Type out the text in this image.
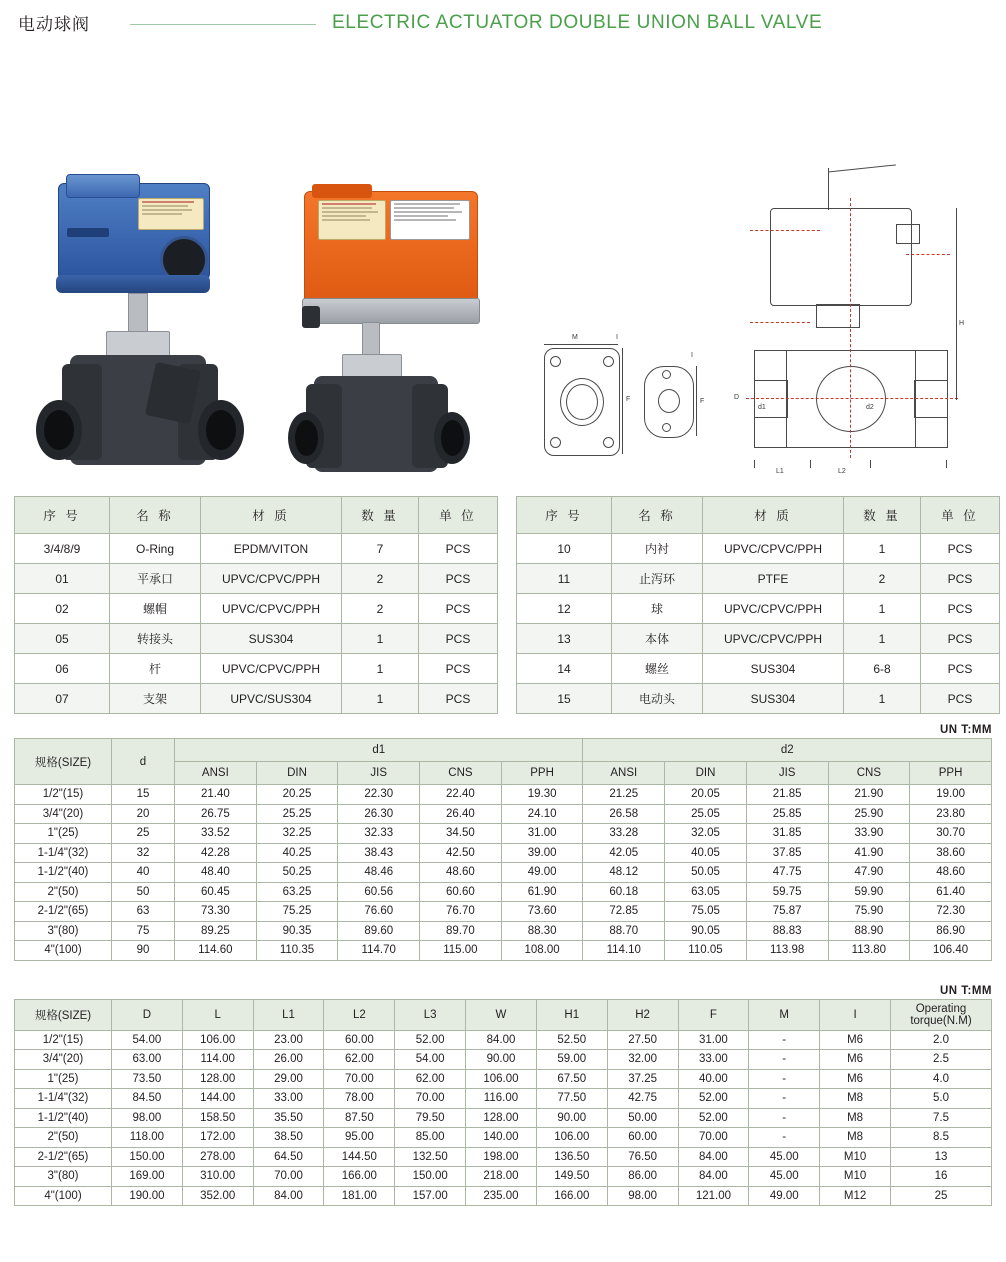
电动球阀	ELECTRIC ACTUATOR DOUBLE UNION BALL VALVE
M	I
F
I
F
H
D
d1	d2
L1	L2
序 号	名 称	材 质	数 量	单 位
3/4/8/9	O-Ring	EPDM/VITON	7	PCS
01	平承口	UPVC/CPVC/PPH	2	PCS
02	螺帽	UPVC/CPVC/PPH	2	PCS
05	转接头	SUS304	1	PCS
06	杆	UPVC/CPVC/PPH	1	PCS
07	支架	UPVC/SUS304	1	PCS
序 号	名 称	材 质	数 量	单 位
10	内衬	UPVC/CPVC/PPH	1	PCS
11	止泻环	PTFE	2	PCS
12	球	UPVC/CPVC/PPH	1	PCS
13	本体	UPVC/CPVC/PPH	1	PCS
14	螺丝	SUS304	6-8	PCS
15	电动头	SUS304	1	PCS
UN T:MM
规格(SIZE)	d	d1					d2				
		ANSI	DIN	JIS	CNS	PPH	ANSI	DIN	JIS	CNS	PPH
1/2"(15)	15	21.40	20.25	22.30	22.40	19.30	21.25	20.05	21.85	21.90	19.00
3/4"(20)	20	26.75	25.25	26.30	26.40	24.10	26.58	25.05	25.85	25.90	23.80
1"(25)	25	33.52	32.25	32.33	34.50	31.00	33.28	32.05	31.85	33.90	30.70
1-1/4"(32)	32	42.28	40.25	38.43	42.50	39.00	42.05	40.05	37.85	41.90	38.60
1-1/2"(40)	40	48.40	50.25	48.46	48.60	49.00	48.12	50.05	47.75	47.90	48.60
2"(50)	50	60.45	63.25	60.56	60.60	61.90	60.18	63.05	59.75	59.90	61.40
2-1/2"(65)	63	73.30	75.25	76.60	76.70	73.60	72.85	75.05	75.87	75.90	72.30
3"(80)	75	89.25	90.35	89.60	89.70	88.30	88.70	90.05	88.83	88.90	86.90
4"(100)	90	114.60	110.35	114.70	115.00	108.00	114.10	110.05	113.98	113.80	106.40
UN T:MM
规格(SIZE)	D	L	L1	L2	L3	W	H1	H2	F	M	I	Operating torque(N.M)
1/2"(15)	54.00	106.00	23.00	60.00	52.00	84.00	52.50	27.50	31.00	-	M6	2.0
3/4"(20)	63.00	114.00	26.00	62.00	54.00	90.00	59.00	32.00	33.00	-	M6	2.5
1"(25)	73.50	128.00	29.00	70.00	62.00	106.00	67.50	37.25	40.00	-	M6	4.0
1-1/4"(32)	84.50	144.00	33.00	78.00	70.00	116.00	77.50	42.75	52.00	-	M8	5.0
1-1/2"(40)	98.00	158.50	35.50	87.50	79.50	128.00	90.00	50.00	52.00	-	M8	7.5
2"(50)	118.00	172.00	38.50	95.00	85.00	140.00	106.00	60.00	70.00	-	M8	8.5
2-1/2"(65)	150.00	278.00	64.50	144.50	132.50	198.00	136.50	76.50	84.00	45.00	M10	13
3"(80)	169.00	310.00	70.00	166.00	150.00	218.00	149.50	86.00	84.00	45.00	M10	16
4"(100)	190.00	352.00	84.00	181.00	157.00	235.00	166.00	98.00	121.00	49.00	M12	25
